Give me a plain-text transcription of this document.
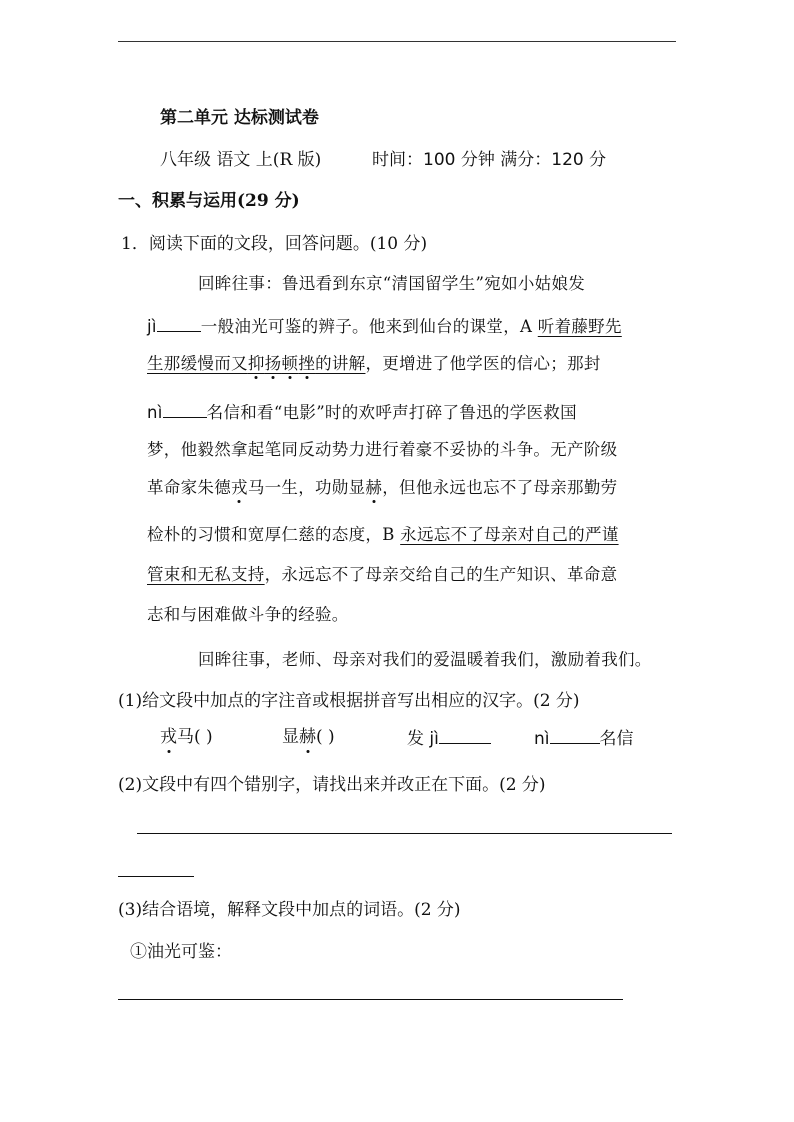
第二单元 达标测试卷
八年级 语文 上(R 版)	时间：100 分钟 满分：120 分
一、积累与运用(29 分)
1．阅读下面的文段，回答问题。(10 分)
回眸往事：鲁迅看到东京“清国留学生”宛如小姑娘发
jì	一般油光可鉴的辨子。他来到仙台的课堂，A 听着藤野先
生那缓慢而又抑扬顿挫的讲解，更增进了他学医的信心；那封
nì	名信和看“电影”时的欢呼声打碎了鲁迅的学医救国
梦，他毅然拿起笔同反动势力进行着豪不妥协的斗争。无产阶级
革命家朱德戎马一生，功勋显赫，但他永远也忘不了母亲那勤劳
检朴的习惯和宽厚仁慈的态度，B 永远忘不了母亲对自己的严谨
管束和无私支持，永远忘不了母亲交给自己的生产知识、革命意
志和与困难做斗争的经验。
回眸往事，老师、母亲对我们的爱温暖着我们，激励着我们。
(1)给文段中加点的字注音或根据拼音写出相应的汉字。(2 分)
戎马( )	显赫( )	发 jì	nì	名信
(2)文段中有四个错别字，请找出来并改正在下面。(2 分)
(3)结合语境，解释文段中加点的词语。(2 分)
①油光可鉴：
